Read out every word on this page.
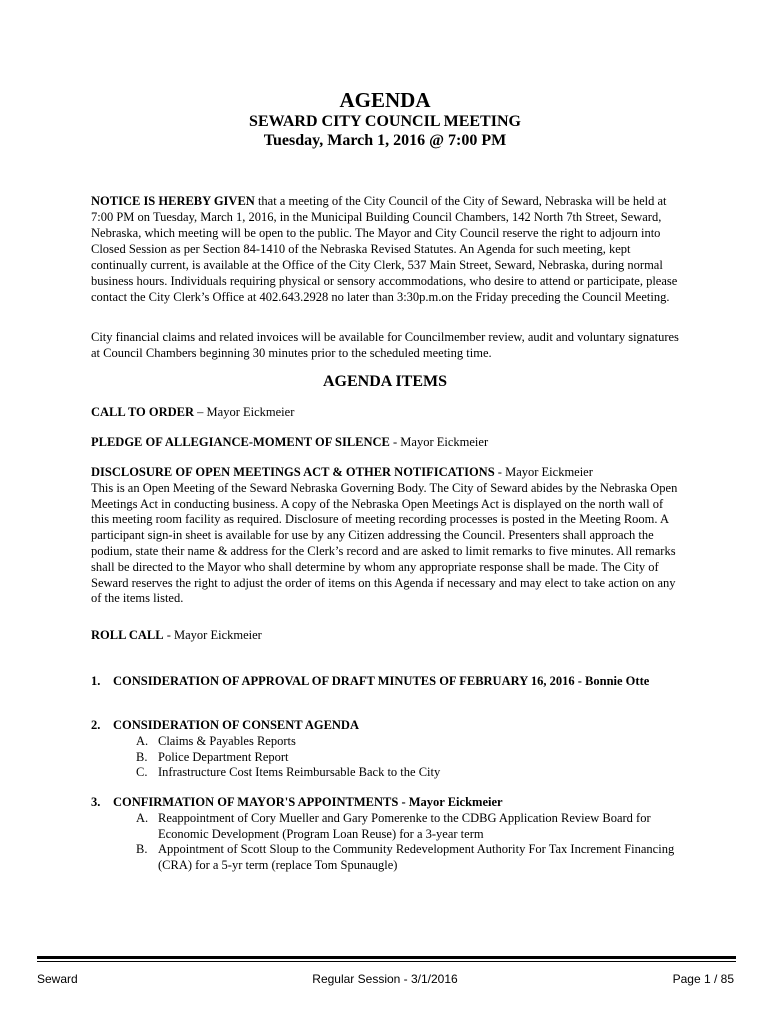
AGENDA
SEWARD CITY COUNCIL MEETING
Tuesday, March 1, 2016 @ 7:00 PM

NOTICE IS HEREBY GIVEN that a meeting of the City Council of the City of Seward, Nebraska will be held at 7:00 PM on Tuesday, March 1, 2016, in the Municipal Building Council Chambers, 142 North 7th Street, Seward, Nebraska, which meeting will be open to the public. The Mayor and City Council reserve the right to adjourn into Closed Session as per Section 84-1410 of the Nebraska Revised Statutes. An Agenda for such meeting, kept continually current, is available at the Office of the City Clerk, 537 Main Street, Seward, Nebraska, during normal business hours. Individuals requiring physical or sensory accommodations, who desire to attend or participate, please contact the City Clerk’s Office at 402.643.2928 no later than 3:30p.m.on the Friday preceding the Council Meeting.

City financial claims and related invoices will be available for Councilmember review, audit and voluntary signatures at Council Chambers beginning 30 minutes prior to the scheduled meeting time.

AGENDA ITEMS

CALL TO ORDER – Mayor Eickmeier

PLEDGE OF ALLEGIANCE-MOMENT OF SILENCE - Mayor Eickmeier

DISCLOSURE OF OPEN MEETINGS ACT & OTHER NOTIFICATIONS - Mayor Eickmeier
This is an Open Meeting of the Seward Nebraska Governing Body. The City of Seward abides by the Nebraska Open Meetings Act in conducting business. A copy of the Nebraska Open Meetings Act is displayed on the north wall of this meeting room facility as required. Disclosure of meeting recording processes is posted in the Meeting Room. A participant sign-in sheet is available for use by any Citizen addressing the Council. Presenters shall approach the podium, state their name & address for the Clerk’s record and are asked to limit remarks to five minutes. All remarks shall be directed to the Mayor who shall determine by whom any appropriate response shall be made. The City of Seward reserves the right to adjust the order of items on this Agenda if necessary and may elect to take action on any of the items listed.

ROLL CALL - Mayor Eickmeier

1. CONSIDERATION OF APPROVAL OF DRAFT MINUTES OF FEBRUARY 16, 2016 - Bonnie Otte
2. CONSIDERATION OF CONSENT AGENDA
A. Claims & Payables Reports
B. Police Department Report
C. Infrastructure Cost Items Reimbursable Back to the City
3. CONFIRMATION OF MAYOR'S APPOINTMENTS - Mayor Eickmeier
A. Reappointment of Cory Mueller and Gary Pomerenke to the CDBG Application Review Board for Economic Development (Program Loan Reuse) for a 3-year term
B. Appointment of Scott Sloup to the Community Redevelopment Authority For Tax Increment Financing (CRA) for a 5-yr term (replace Tom Spunaugle)
Seward	Regular Session - 3/1/2016	Page 1 / 85
